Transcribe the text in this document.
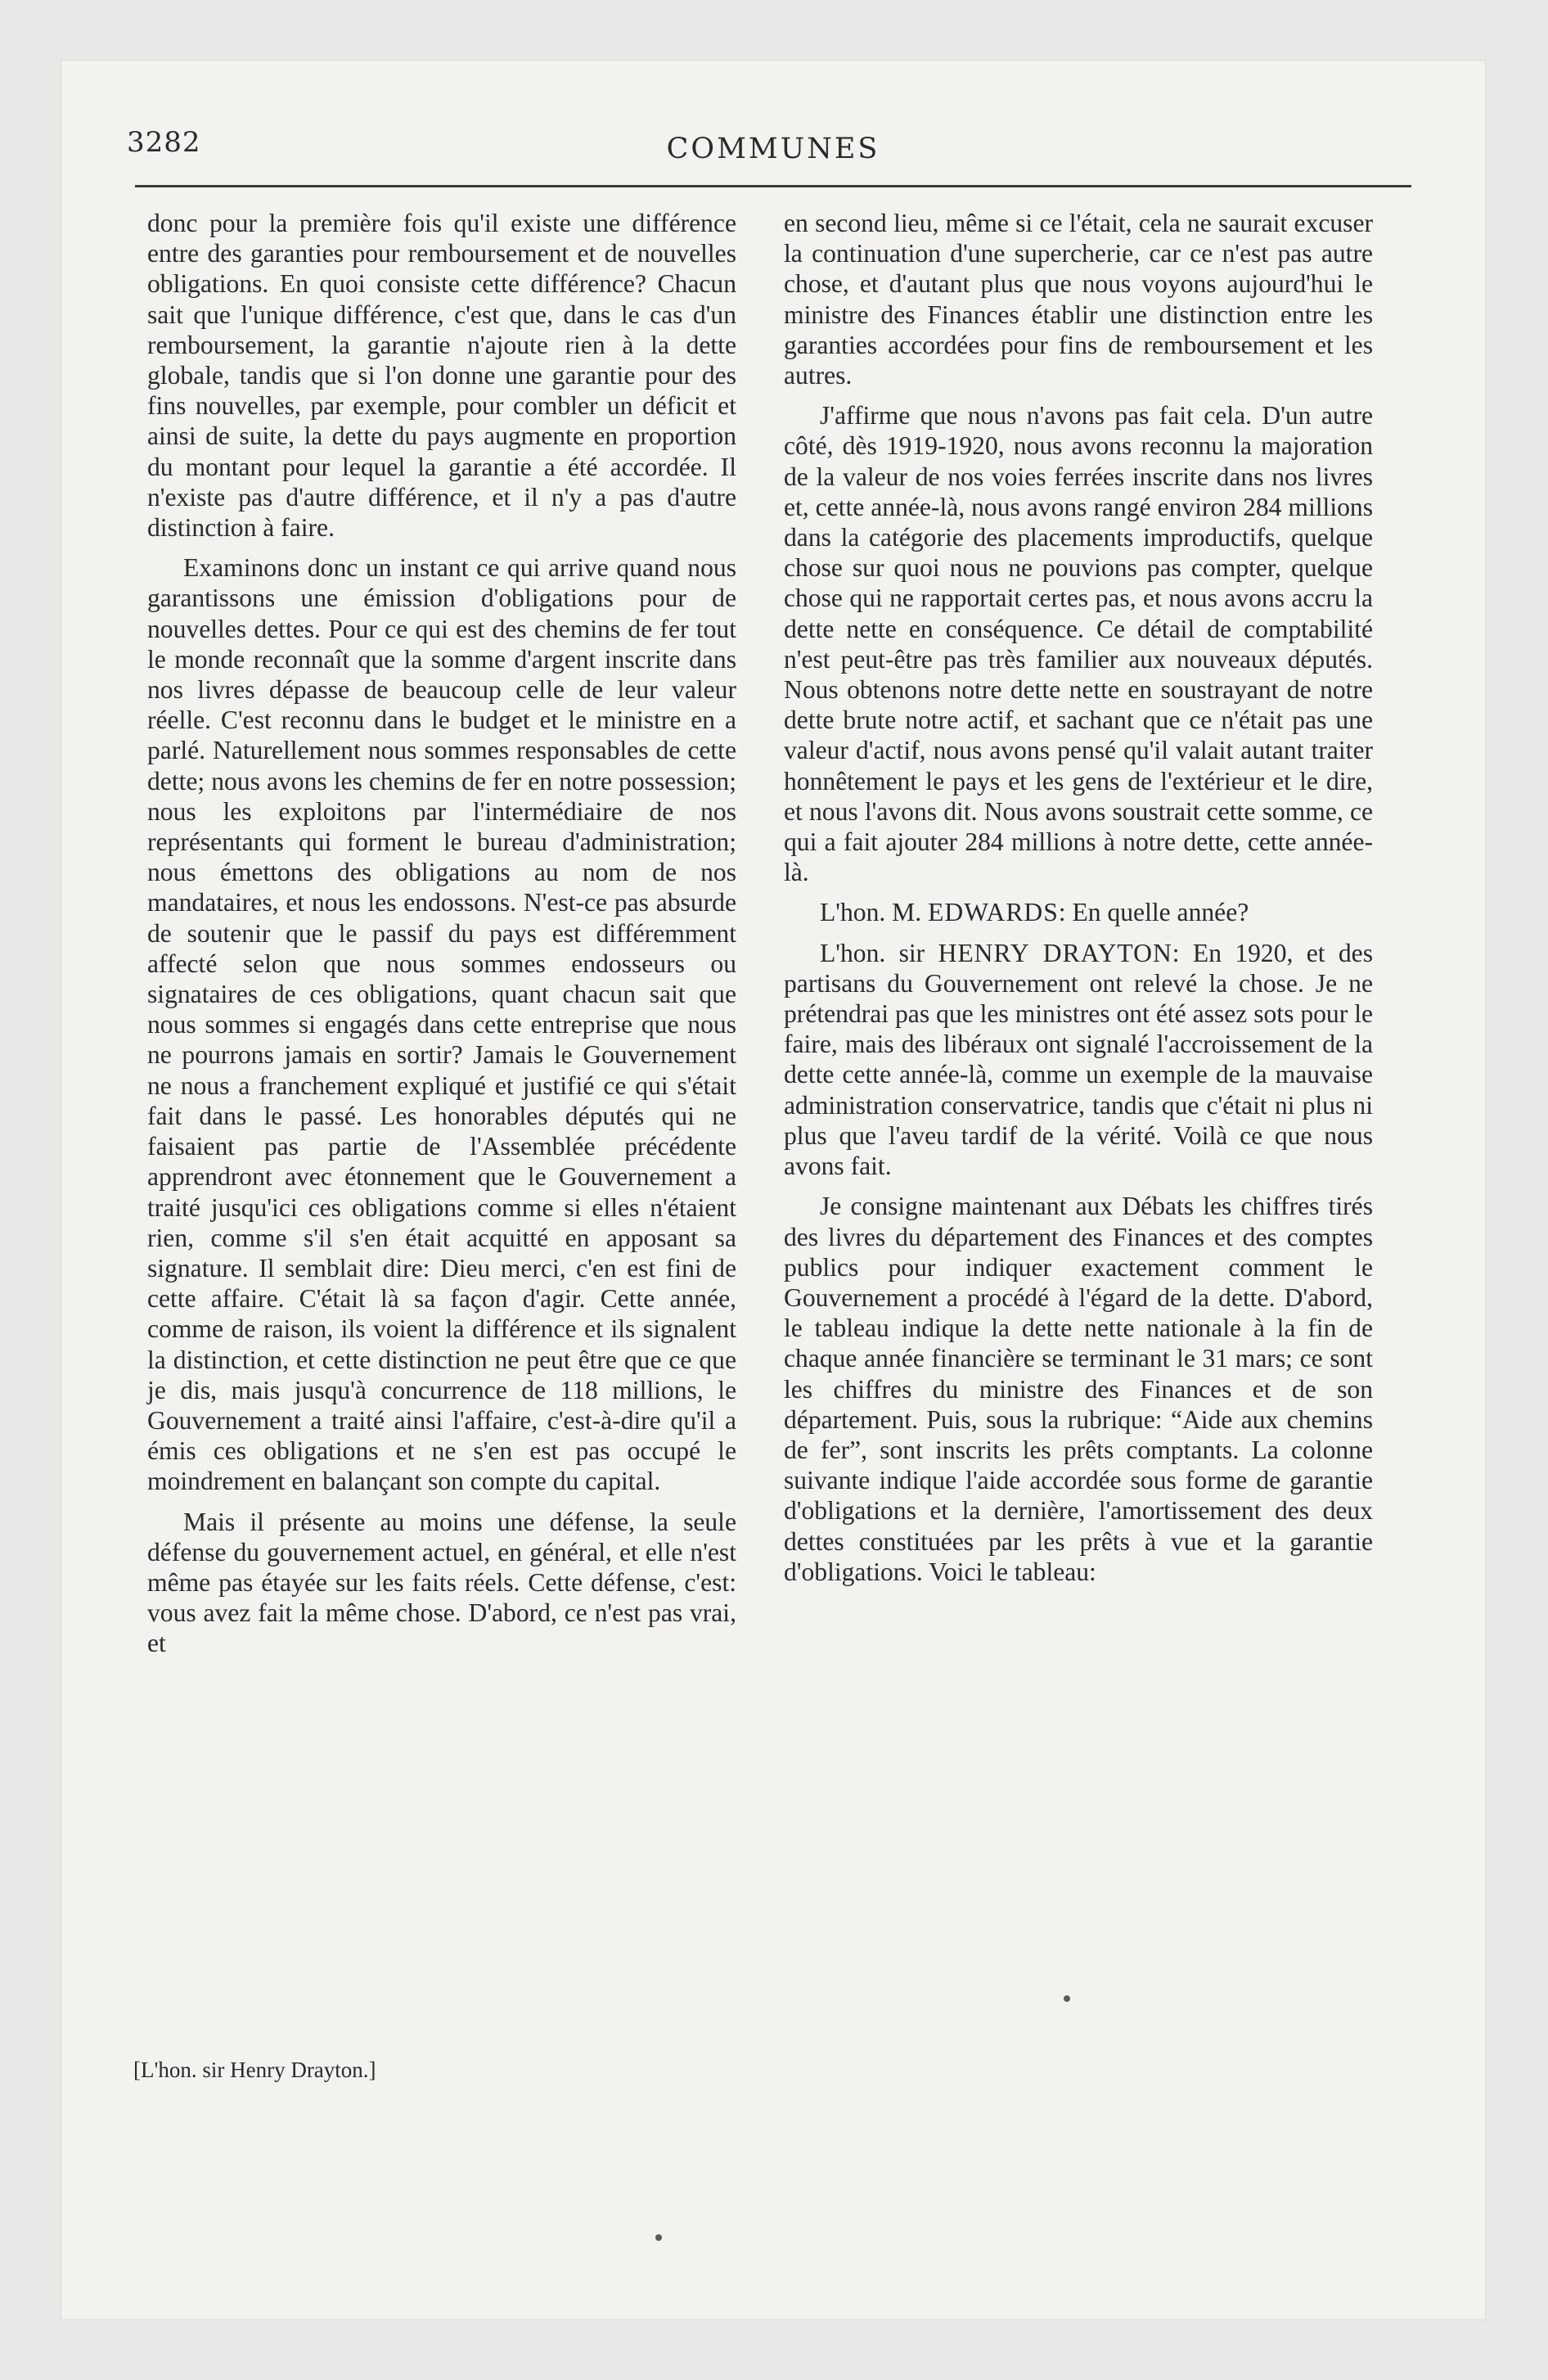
3282	COMMUNES

donc pour la première fois qu'il existe une différence entre des garanties pour remboursement et de nouvelles obligations. En quoi consiste cette différence? Chacun sait que l'unique différence, c'est que, dans le cas d'un remboursement, la garantie n'ajoute rien à la dette globale, tandis que si l'on donne une garantie pour des fins nouvelles, par exemple, pour combler un déficit et ainsi de suite, la dette du pays augmente en proportion du montant pour lequel la garantie a été accordée. Il n'existe pas d'autre différence, et il n'y a pas d'autre distinction à faire.

Examinons donc un instant ce qui arrive quand nous garantissons une émission d'obligations pour de nouvelles dettes. Pour ce qui est des chemins de fer tout le monde reconnaît que la somme d'argent inscrite dans nos livres dépasse de beaucoup celle de leur valeur réelle. C'est reconnu dans le budget et le ministre en a parlé. Naturellement nous sommes responsables de cette dette; nous avons les chemins de fer en notre possession; nous les exploitons par l'intermédiaire de nos représentants qui forment le bureau d'administration; nous émettons des obligations au nom de nos mandataires, et nous les endossons. N'est-ce pas absurde de soutenir que le passif du pays est différemment affecté selon que nous sommes endosseurs ou signataires de ces obligations, quant chacun sait que nous sommes si engagés dans cette entreprise que nous ne pourrons jamais en sortir? Jamais le Gouvernement ne nous a franchement expliqué et justifié ce qui s'était fait dans le passé. Les honorables députés qui ne faisaient pas partie de l'Assemblée précédente apprendront avec étonnement que le Gouvernement a traité jusqu'ici ces obligations comme si elles n'étaient rien, comme s'il s'en était acquitté en apposant sa signature. Il semblait dire: Dieu merci, c'en est fini de cette affaire. C'était là sa façon d'agir. Cette année, comme de raison, ils voient la différence et ils signalent la distinction, et cette distinction ne peut être que ce que je dis, mais jusqu'à concurrence de 118 millions, le Gouvernement a traité ainsi l'affaire, c'est-à-dire qu'il a émis ces obligations et ne s'en est pas occupé le moindrement en balançant son compte du capital.

Mais il présente au moins une défense, la seule défense du gouvernement actuel, en général, et elle n'est même pas étayée sur les faits réels. Cette défense, c'est: vous avez fait la même chose. D'abord, ce n'est pas vrai, et

en second lieu, même si ce l'était, cela ne saurait excuser la continuation d'une supercherie, car ce n'est pas autre chose, et d'autant plus que nous voyons aujourd'hui le ministre des Finances établir une distinction entre les garanties accordées pour fins de remboursement et les autres.

J'affirme que nous n'avons pas fait cela. D'un autre côté, dès 1919-1920, nous avons reconnu la majoration de la valeur de nos voies ferrées inscrite dans nos livres et, cette année-là, nous avons rangé environ 284 millions dans la catégorie des placements improductifs, quelque chose sur quoi nous ne pouvions pas compter, quelque chose qui ne rapportait certes pas, et nous avons accru la dette nette en conséquence. Ce détail de comptabilité n'est peut-être pas très familier aux nouveaux députés. Nous obtenons notre dette nette en soustrayant de notre dette brute notre actif, et sachant que ce n'était pas une valeur d'actif, nous avons pensé qu'il valait autant traiter honnêtement le pays et les gens de l'extérieur et le dire, et nous l'avons dit. Nous avons soustrait cette somme, ce qui a fait ajouter 284 millions à notre dette, cette année-là.

L'hon. M. EDWARDS: En quelle année?

L'hon. sir HENRY DRAYTON: En 1920, et des partisans du Gouvernement ont relevé la chose. Je ne prétendrai pas que les ministres ont été assez sots pour le faire, mais des libéraux ont signalé l'accroissement de la dette cette année-là, comme un exemple de la mauvaise administration conservatrice, tandis que c'était ni plus ni plus que l'aveu tardif de la vérité. Voilà ce que nous avons fait.

Je consigne maintenant aux Débats les chiffres tirés des livres du département des Finances et des comptes publics pour indiquer exactement comment le Gouvernement a procédé à l'égard de la dette. D'abord, le tableau indique la dette nette nationale à la fin de chaque année financière se terminant le 31 mars; ce sont les chiffres du ministre des Finances et de son département. Puis, sous la rubrique: “Aide aux chemins de fer”, sont inscrits les prêts comptants. La colonne suivante indique l'aide accordée sous forme de garantie d'obligations et la dernière, l'amortissement des deux dettes constituées par les prêts à vue et la garantie d'obligations. Voici le tableau:

[L'hon. sir Henry Drayton.]
